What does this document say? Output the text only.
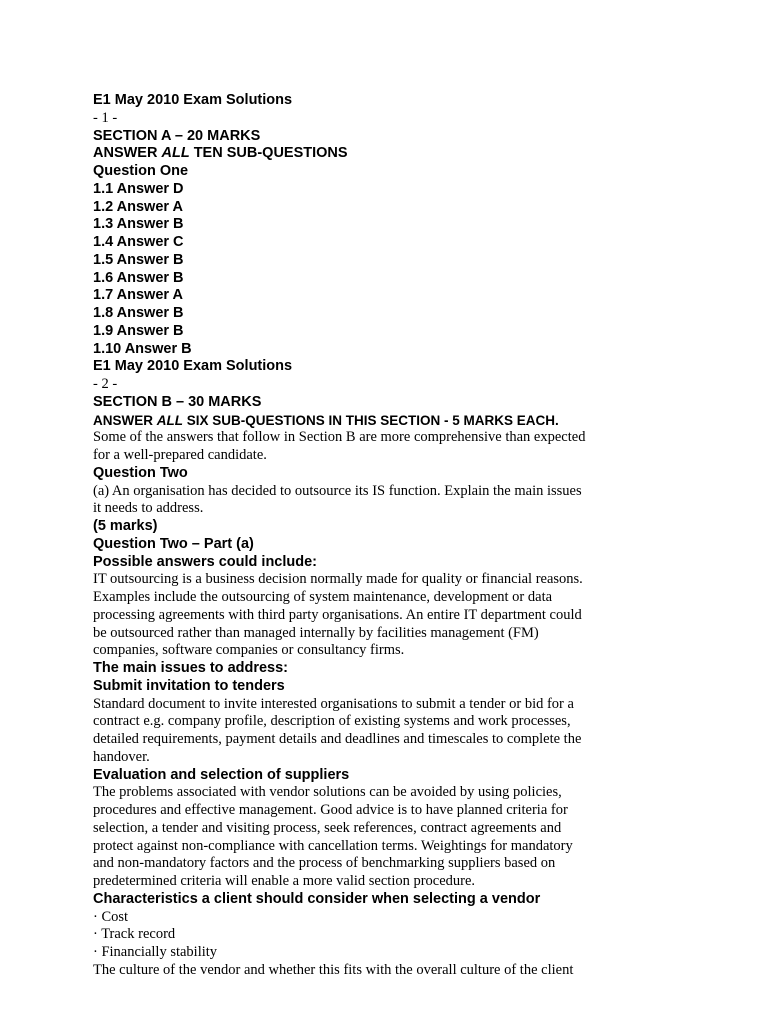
E1 May 2010 Exam Solutions
- 1 -
SECTION A – 20 MARKS
ANSWER ALL TEN SUB-QUESTIONS
Question One
1.1 Answer D
1.2 Answer A
1.3 Answer B
1.4 Answer C
1.5 Answer B
1.6 Answer B
1.7 Answer A
1.8 Answer B
1.9 Answer B
1.10 Answer B
E1 May 2010 Exam Solutions
- 2 -
SECTION B – 30 MARKS
ANSWER ALL SIX SUB-QUESTIONS IN THIS SECTION - 5 MARKS EACH.
Some of the answers that follow in Section B are more comprehensive than expected
for a well-prepared candidate.
Question Two
(a) An organisation has decided to outsource its IS function. Explain the main issues
it needs to address.
(5 marks)
Question Two – Part (a)
Possible answers could include:
IT outsourcing is a business decision normally made for quality or financial reasons.
Examples include the outsourcing of system maintenance, development or data
processing agreements with third party organisations. An entire IT department could
be outsourced rather than managed internally by facilities management (FM)
companies, software companies or consultancy firms.
The main issues to address:
Submit invitation to tenders
Standard document to invite interested organisations to submit a tender or bid for a
contract e.g. company profile, description of existing systems and work processes,
detailed requirements, payment details and deadlines and timescales to complete the
handover.
Evaluation and selection of suppliers
The problems associated with vendor solutions can be avoided by using policies,
procedures and effective management. Good advice is to have planned criteria for
selection, a tender and visiting process, seek references, contract agreements and
protect against non-compliance with cancellation terms. Weightings for mandatory
and non-mandatory factors and the process of benchmarking suppliers based on
predetermined criteria will enable a more valid section procedure.
Characteristics a client should consider when selecting a vendor
· Cost
· Track record
· Financially stability
The culture of the vendor and whether this fits with the overall culture of the client
